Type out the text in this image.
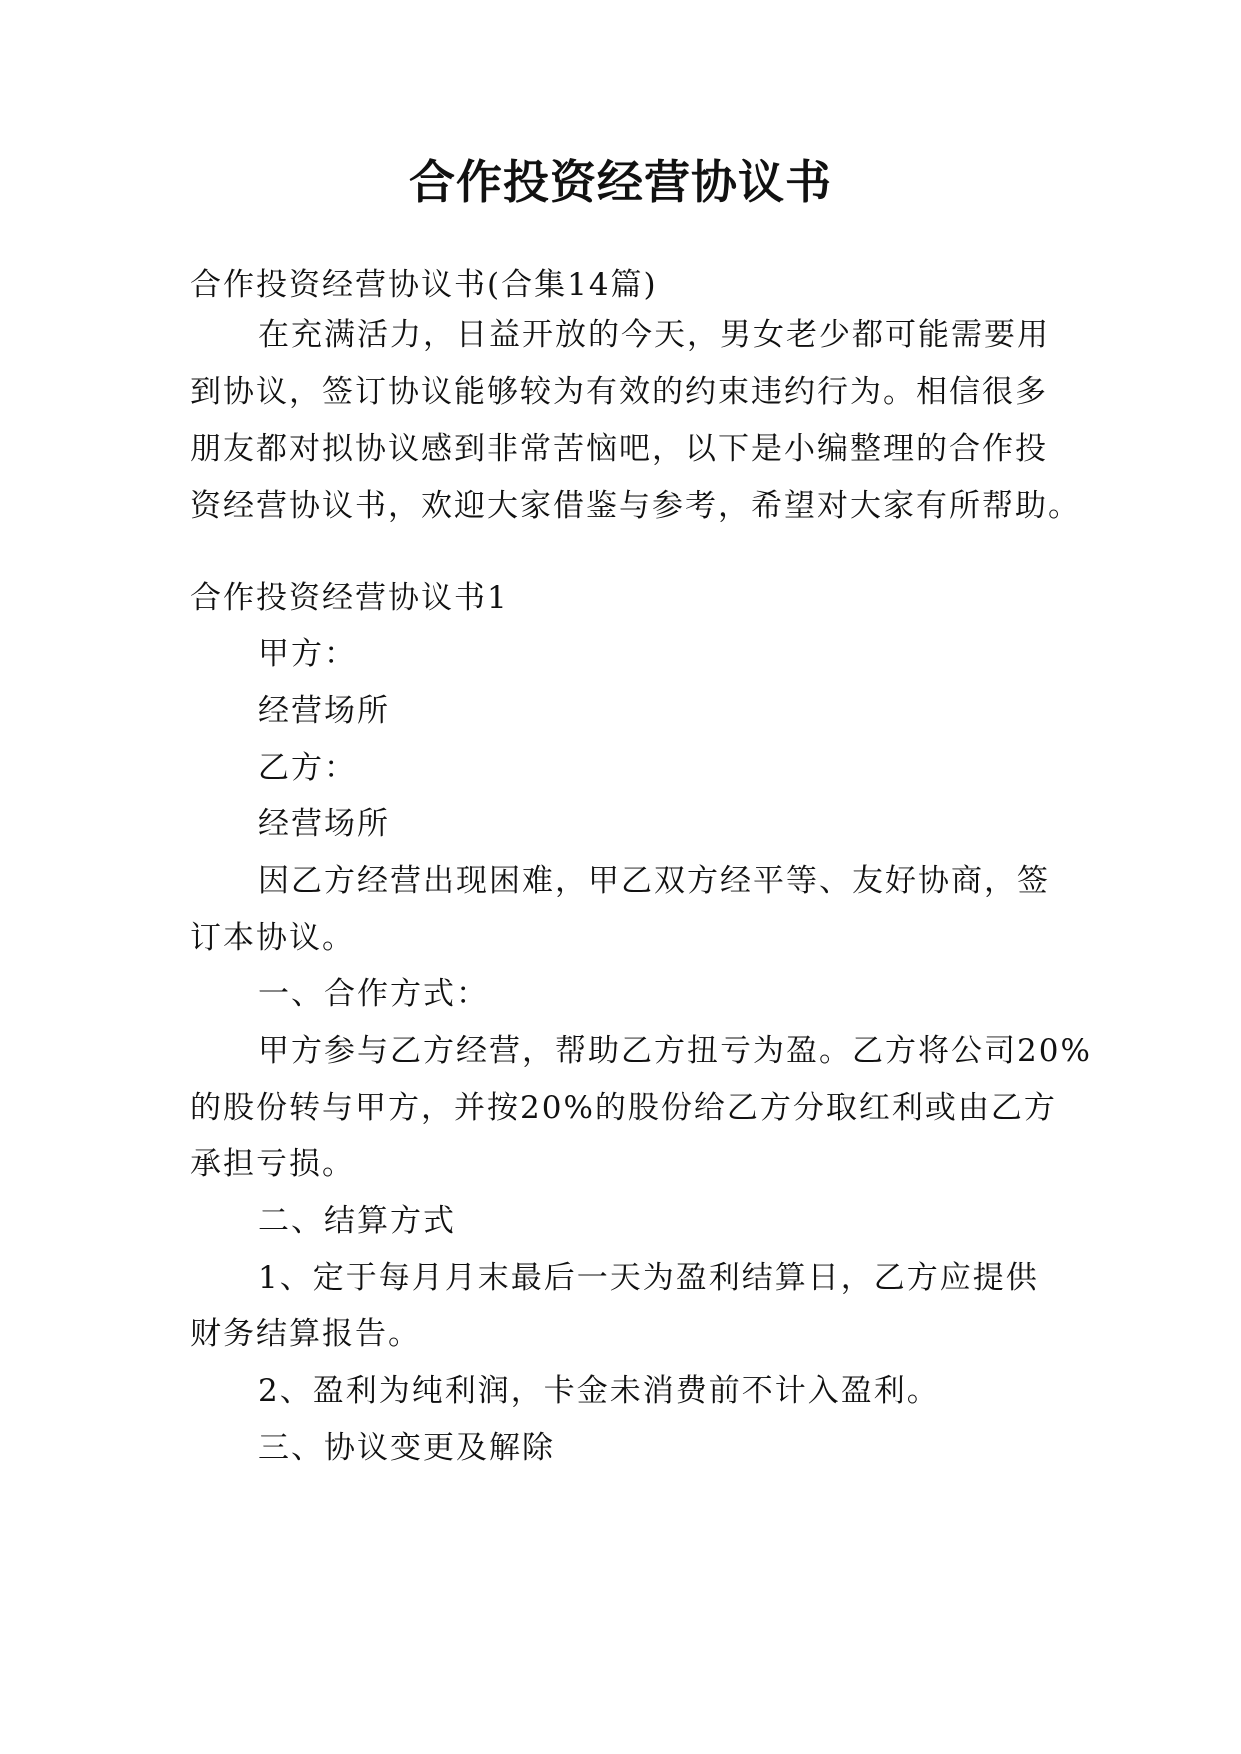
合作投资经营协议书
合作投资经营协议书(合集14篇)
在充满活力，日益开放的今天，男女老少都可能需要用
到协议，签订协议能够较为有效的约束违约行为。相信很多
朋友都对拟协议感到非常苦恼吧，以下是小编整理的合作投
资经营协议书，欢迎大家借鉴与参考，希望对大家有所帮助。
合作投资经营协议书1
甲方：
经营场所
乙方：
经营场所
因乙方经营出现困难，甲乙双方经平等、友好协商，签
订本协议。
一、合作方式：
甲方参与乙方经营，帮助乙方扭亏为盈。乙方将公司20%
的股份转与甲方，并按20%的股份给乙方分取红利或由乙方
承担亏损。
二、结算方式
1、定于每月月末最后一天为盈利结算日，乙方应提供
财务结算报告。
2、盈利为纯利润，卡金未消费前不计入盈利。
三、协议变更及解除
